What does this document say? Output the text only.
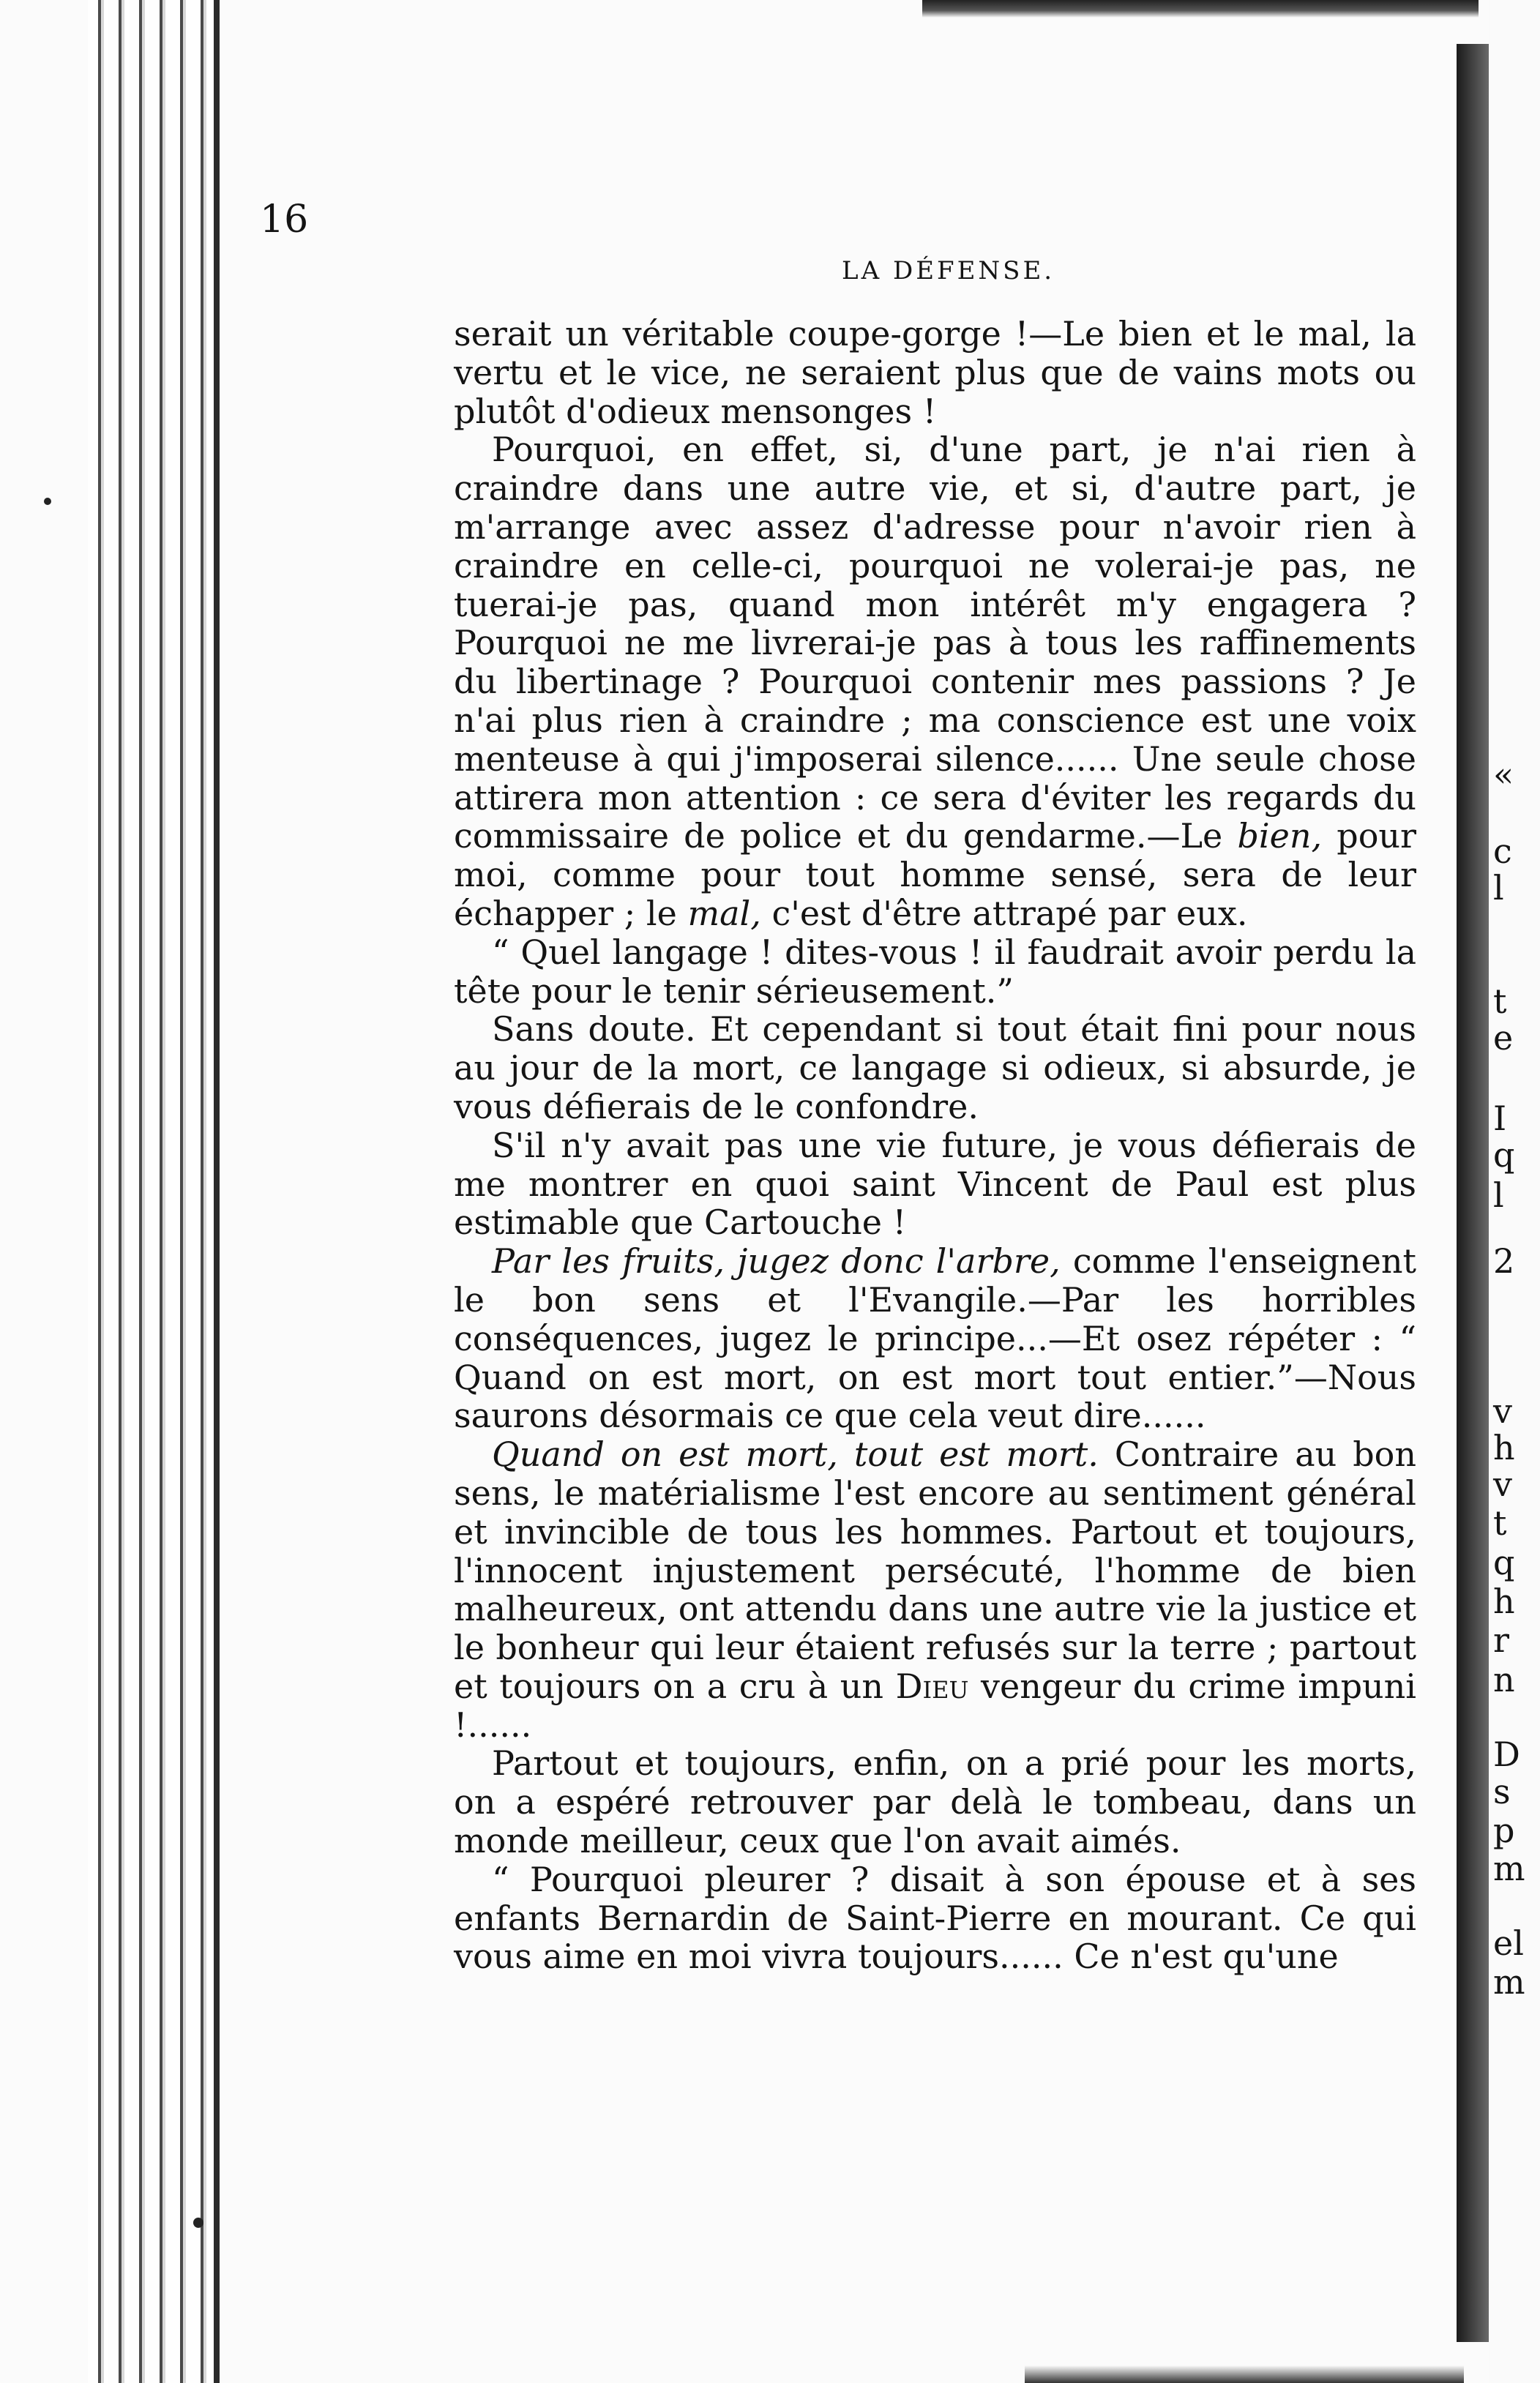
16

LA DÉFENSE.

serait un véritable coupe-gorge !—Le bien et le mal, la vertu et le vice, ne seraient plus que de vains mots ou plutôt d'odieux mensonges !

Pourquoi, en effet, si, d'une part, je n'ai rien à craindre dans une autre vie, et si, d'autre part, je m'arrange avec assez d'adresse pour n'avoir rien à craindre en celle-ci, pourquoi ne volerai-je pas, ne tuerai-je pas, quand mon intérêt m'y engagera ? Pourquoi ne me livrerai-je pas à tous les raffinements du libertinage ? Pourquoi contenir mes passions ? Je n'ai plus rien à craindre ; ma conscience est une voix menteuse à qui j'imposerai silence...... Une seule chose attirera mon attention : ce sera d'éviter les regards du commissaire de police et du gendarme.—Le bien, pour moi, comme pour tout homme sensé, sera de leur échapper ; le mal, c'est d'être attrapé par eux.

“ Quel langage ! dites-vous ! il faudrait avoir perdu la tête pour le tenir sérieusement.”

Sans doute. Et cependant si tout était fini pour nous au jour de la mort, ce langage si odieux, si absurde, je vous défierais de le confondre.

S'il n'y avait pas une vie future, je vous défierais de me montrer en quoi saint Vincent de Paul est plus estimable que Cartouche !

Par les fruits, jugez donc l'arbre, comme l'enseignent le bon sens et l'Evangile.—Par les horribles conséquences, jugez le principe...—Et osez répéter : “ Quand on est mort, on est mort tout entier.”—Nous saurons désormais ce que cela veut dire......

Quand on est mort, tout est mort. Contraire au bon sens, le matérialisme l'est encore au sentiment général et invincible de tous les hommes. Partout et toujours, l'innocent injustement persécuté, l'homme de bien malheureux, ont attendu dans une autre vie la justice et le bonheur qui leur étaient refusés sur la terre ; partout et toujours on a cru à un Dieu vengeur du crime impuni !......

Partout et toujours, enfin, on a prié pour les morts, on a espéré retrouver par delà le tombeau, dans un monde meilleur, ceux que l'on avait aimés.

“ Pourquoi pleurer ? disait à son épouse et à ses enfants Bernardin de Saint-Pierre en mourant. Ce qui vous aime en moi vivra toujours...... Ce n'est qu'une

l
«
c
t
e
I
q
l
2
v
h
v
t
q
h
r
n
D
s
p
m
el
m
